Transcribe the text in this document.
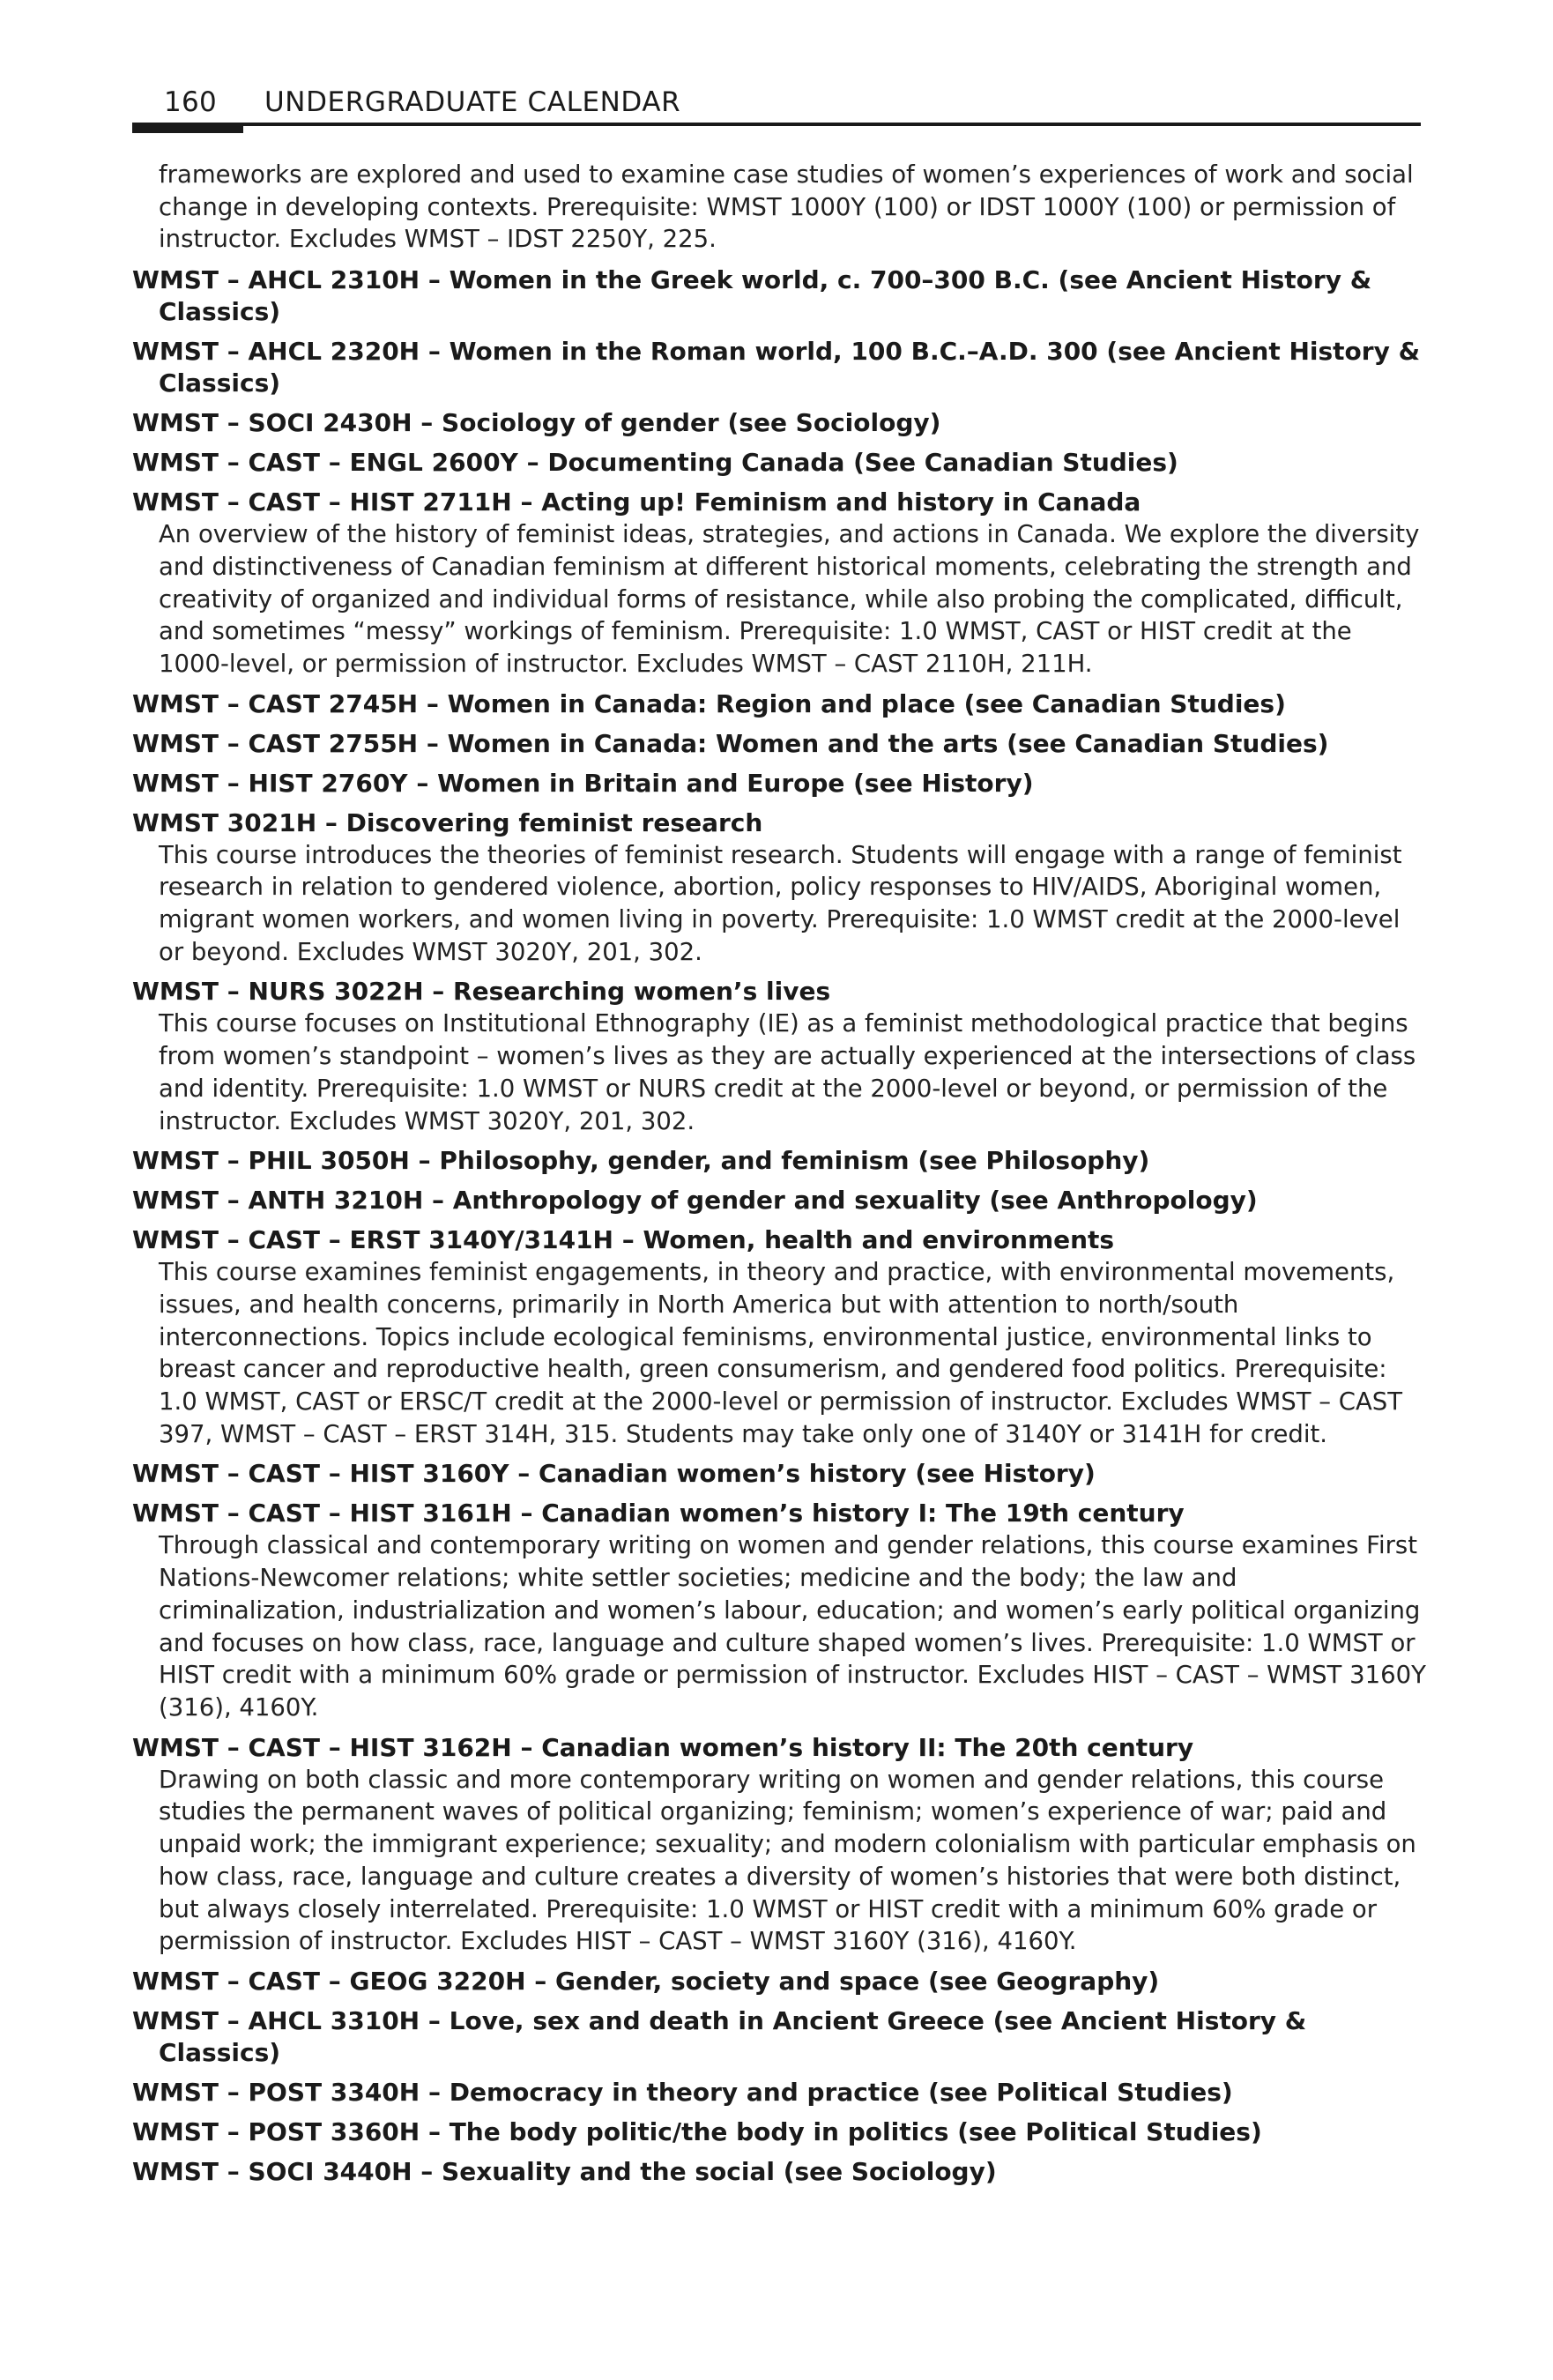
160 UNDERGRADUATE CALENDAR
frameworks are explored and used to examine case studies of women’s experiences of work and social change in developing contexts. Prerequisite: WMST 1000Y (100) or IDST 1000Y (100) or permission of instructor. Excludes WMST – IDST 2250Y, 225.
WMST – AHCL 2310H – Women in the Greek world, c. 700–300 B.C. (see Ancient History & Classics)
WMST – AHCL 2320H – Women in the Roman world, 100 B.C.–A.D. 300 (see Ancient History & Classics)
WMST – SOCI 2430H – Sociology of gender (see Sociology)
WMST – CAST – ENGL 2600Y – Documenting Canada (See Canadian Studies)
WMST – CAST – HIST 2711H – Acting up! Feminism and history in Canada
An overview of the history of feminist ideas, strategies, and actions in Canada. We explore the diversity and distinctiveness of Canadian feminism at different historical moments, celebrating the strength and creativity of organized and individual forms of resistance, while also probing the complicated, difficult, and sometimes “messy” workings of feminism. Prerequisite: 1.0 WMST, CAST or HIST credit at the 1000-level, or permission of instructor. Excludes WMST – CAST 2110H, 211H.
WMST – CAST 2745H – Women in Canada: Region and place (see Canadian Studies)
WMST – CAST 2755H – Women in Canada: Women and the arts (see Canadian Studies)
WMST – HIST 2760Y – Women in Britain and Europe (see History)
WMST 3021H – Discovering feminist research
This course introduces the theories of feminist research. Students will engage with a range of feminist research in relation to gendered violence, abortion, policy responses to HIV/AIDS, Aboriginal women, migrant women workers, and women living in poverty. Prerequisite: 1.0 WMST credit at the 2000-level or beyond. Excludes WMST 3020Y, 201, 302.
WMST – NURS 3022H – Researching women’s lives
This course focuses on Institutional Ethnography (IE) as a feminist methodological practice that begins from women’s standpoint – women’s lives as they are actually experienced at the intersections of class and identity. Prerequisite: 1.0 WMST or NURS credit at the 2000-level or beyond, or permission of the instructor. Excludes WMST 3020Y, 201, 302.
WMST – PHIL 3050H – Philosophy, gender, and feminism (see Philosophy)
WMST – ANTH 3210H – Anthropology of gender and sexuality (see Anthropology)
WMST – CAST – ERST 3140Y/3141H – Women, health and environments
This course examines feminist engagements, in theory and practice, with environmental movements, issues, and health concerns, primarily in North America but with attention to north/south interconnections. Topics include ecological feminisms, environmental justice, environmental links to breast cancer and reproductive health, green consumerism, and gendered food politics. Prerequisite: 1.0 WMST, CAST or ERSC/T credit at the 2000-level or permission of instructor. Excludes WMST – CAST 397, WMST – CAST – ERST 314H, 315. Students may take only one of 3140Y or 3141H for credit.
WMST – CAST – HIST 3160Y – Canadian women’s history (see History)
WMST – CAST – HIST 3161H – Canadian women’s history I: The 19th century
Through classical and contemporary writing on women and gender relations, this course examines First Nations-Newcomer relations; white settler societies; medicine and the body; the law and criminalization, industrialization and women’s labour, education; and women’s early political organizing and focuses on how class, race, language and culture shaped women’s lives. Prerequisite: 1.0 WMST or HIST credit with a minimum 60% grade or permission of instructor. Excludes HIST – CAST – WMST 3160Y (316), 4160Y.
WMST – CAST – HIST 3162H – Canadian women’s history II: The 20th century
Drawing on both classic and more contemporary writing on women and gender relations, this course studies the permanent waves of political organizing; feminism; women’s experience of war; paid and unpaid work; the immigrant experience; sexuality; and modern colonialism with particular emphasis on how class, race, language and culture creates a diversity of women’s histories that were both distinct, but always closely interrelated. Prerequisite: 1.0 WMST or HIST credit with a minimum 60% grade or permission of instructor. Excludes HIST – CAST – WMST 3160Y (316), 4160Y.
WMST – CAST – GEOG 3220H – Gender, society and space (see Geography)
WMST – AHCL 3310H – Love, sex and death in Ancient Greece (see Ancient History & Classics)
WMST – POST 3340H – Democracy in theory and practice (see Political Studies)
WMST – POST 3360H – The body politic/the body in politics (see Political Studies)
WMST – SOCI 3440H – Sexuality and the social (see Sociology)
